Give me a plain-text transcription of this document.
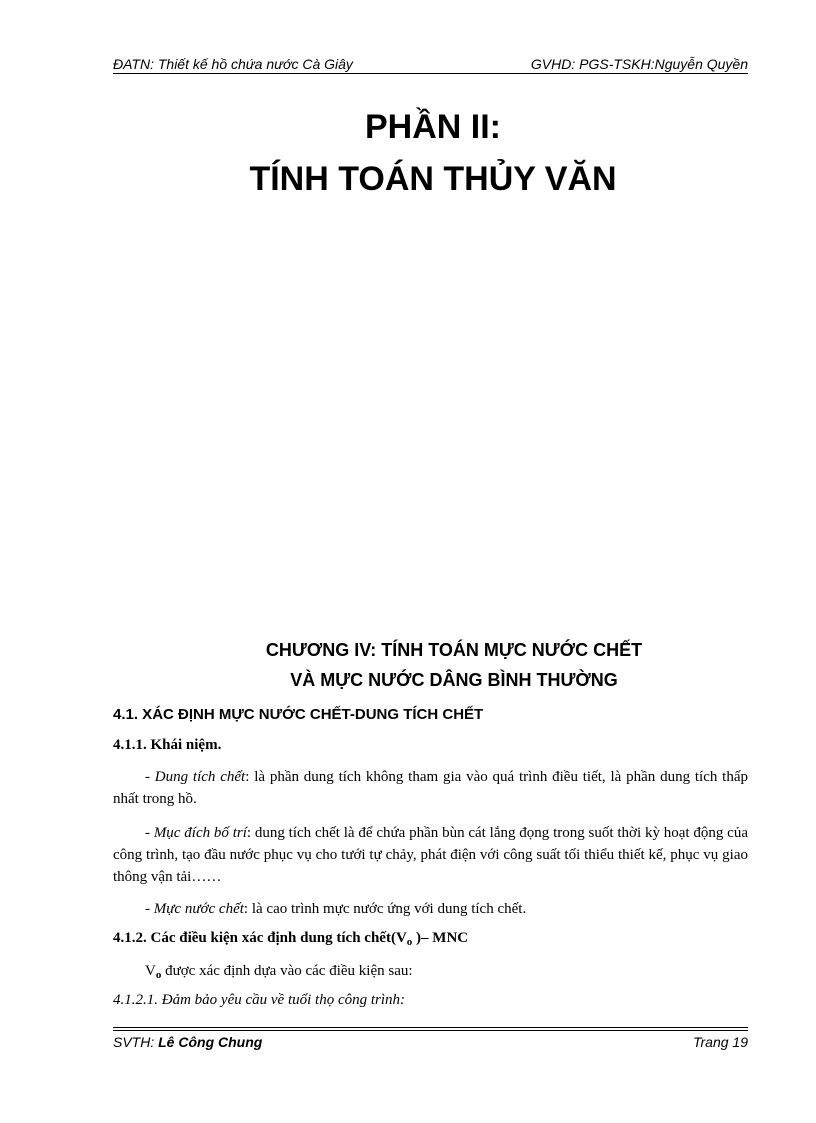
ĐATN: Thiết kế hồ chứa nước Cà Giây	GVHD: PGS-TSKH:Nguyễn Quyền
PHẦN II:
TÍNH TOÁN THỦY VĂN
CHƯƠNG IV: TÍNH TOÁN MỰC NƯỚC CHẾT
VÀ MỰC NƯỚC DÂNG BÌNH THƯỜNG
4.1. XÁC ĐỊNH MỰC NƯỚC CHẾT-DUNG TÍCH CHẾT
4.1.1. Khái niệm.
- Dung tích chết: là phần dung tích không tham gia vào quá trình điều tiết, là phần dung tích thấp nhất trong hồ.
- Mục đích bố trí: dung tích chết là để chứa phần bùn cát lắng đọng trong suốt thời kỳ hoạt động của công trình, tạo đầu nước phục vụ cho tưới tự chảy, phát điện với công suất tối thiểu thiết kế, phục vụ giao thông vận tải……
- Mực nước chết: là cao trình mực nước ứng với dung tích chết.
4.1.2. Các điều kiện xác định dung tích $chết(V_o$ )– MNC
$V_o$ được xác định dựa vào các điều kiện sau:
4.1.2.1. Đảm bảo yêu cầu về tuổi thọ công trình:
SVTH: Lê Công Chung	Trang 19
